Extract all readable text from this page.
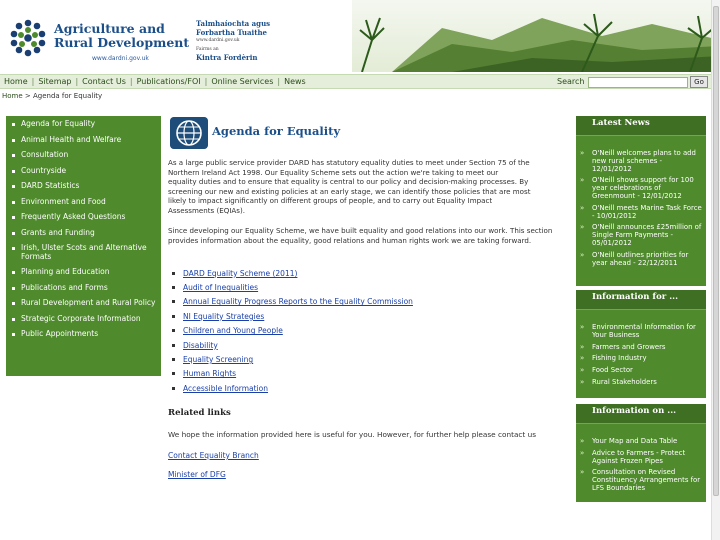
Agriculture and
Rural Development
www.dardni.gov.uk
Talmhaíochta agus
Forbartha Tuaithe
www.dardni.gov.uk
Fairms an
Kintra Fordèrin
Home | Sitemap | Contact Us | Publications/FOI | Online Services | News	Search	Go
Home > Agenda for Equality
Agenda for Equality
Animal Health and Welfare
Consultation
Countryside
DARD Statistics
Environment and Food
Frequently Asked Questions
Grants and Funding
Irish, Ulster Scots and Alternative Formats
Planning and Education
Publications and Forms
Rural Development and Rural Policy
Strategic Corporate Information
Public Appointments
Agenda for Equality
As a large public service provider DARD has statutory equality duties to meet under Section 75 of the
Northern Ireland Act 1998. Our Equality Scheme sets out the action we're taking to meet our
equality duties and to ensure that equality is central to our policy and decision-making processes. By
screening our new and existing policies at an early stage, we can identify those policies that are most
likely to impact significantly on different groups of people, and to carry out Equality Impact
Assessments (EQIAs).
Since developing our Equality Scheme, we have built equality and good relations into our work. This section
provides information about the equality, good relations and human rights work we are taking forward.
DARD Equality Scheme (2011)
Audit of Inequalities
Annual Equality Progress Reports to the Equality Commission
NI Equality Strategies
Children and Young People
Disability
Equality Screening
Human Rights
Accessible Information
Related links
We hope the information provided here is useful for you. However, for further help please contact us
Contact Equality Branch
Minister of DFG
Latest News
»	O'Neill welcomes plans to add new rural schemes - 12/01/2012
»	O'Neill shows support for 100 year celebrations of Greenmount - 12/01/2012
»	O'Neill meets Marine Task Force - 10/01/2012
»	O'Neill announces £25million of Single Farm Payments - 05/01/2012
»	O'Neill outlines priorities for year ahead - 22/12/2011
Information for ...
»	Environmental Information for Your Business
»	Farmers and Growers
»	Fishing Industry
»	Food Sector
»	Rural Stakeholders
Information on ...
»	Your Map and Data Table
»	Advice to Farmers - Protect Against Frozen Pipes
»	Consultation on Revised Constituency Arrangements for LFS Boundaries
